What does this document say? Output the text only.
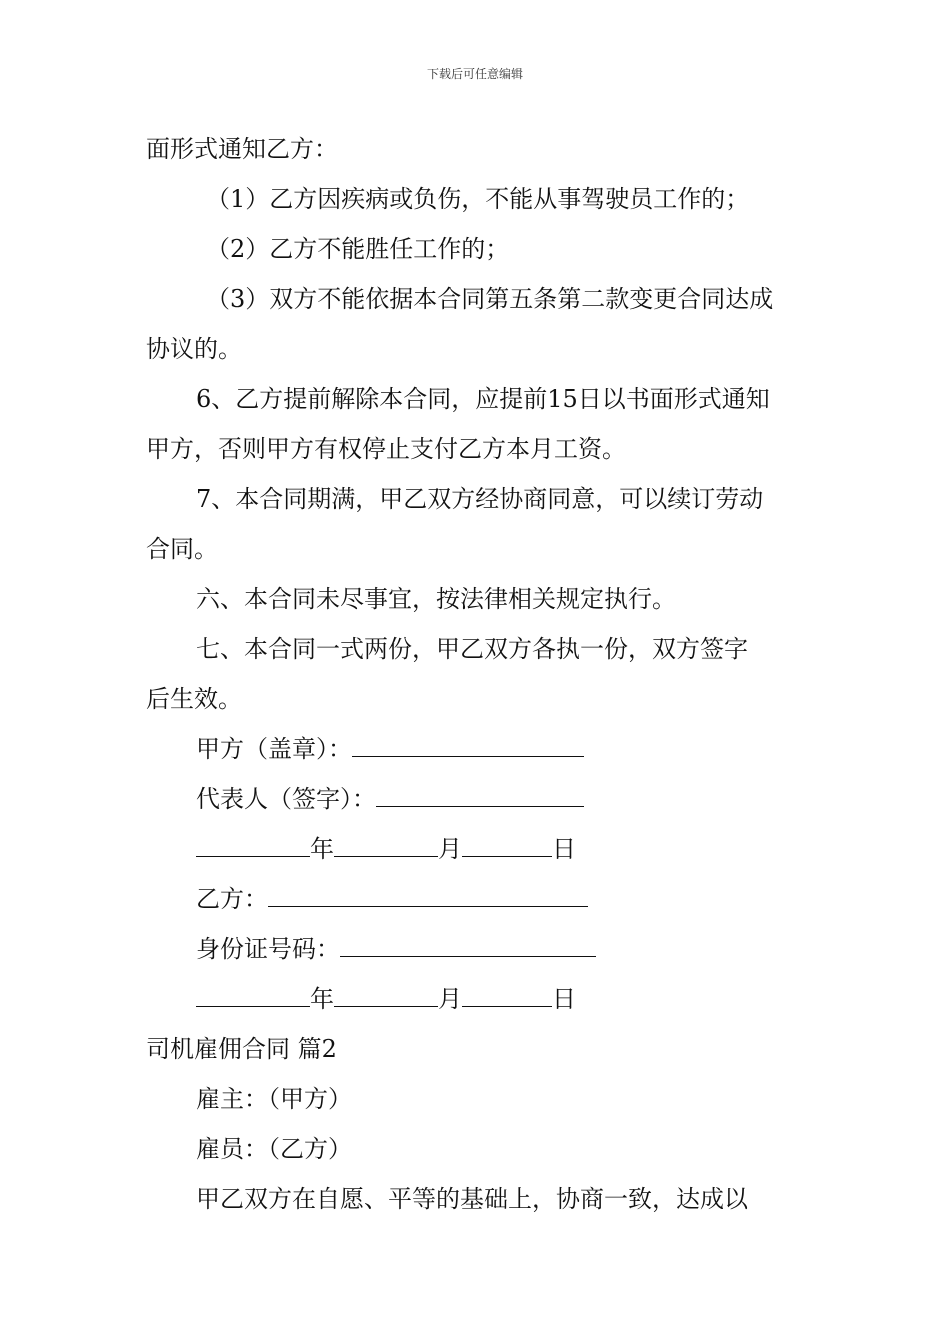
下载后可任意编辑
面形式通知乙方：
（1）乙方因疾病或负伤，不能从事驾驶员工作的；
（2）乙方不能胜任工作的；
（3）双方不能依据本合同第五条第二款变更合同达成
协议的。
6、乙方提前解除本合同，应提前15日以书面形式通知
甲方，否则甲方有权停止支付乙方本月工资。
7、本合同期满，甲乙双方经协商同意，可以续订劳动
合同。
六、本合同未尽事宜，按法律相关规定执行。
七、本合同一式两份，甲乙双方各执一份，双方签字
后生效。
甲方（盖章）：
代表人（签字）：
年	月	日
乙方：
身份证号码：
年	月	日
司机雇佣合同 篇2
雇主：（甲方）
雇员：（乙方）
甲乙双方在自愿、平等的基础上，协商一致，达成以
